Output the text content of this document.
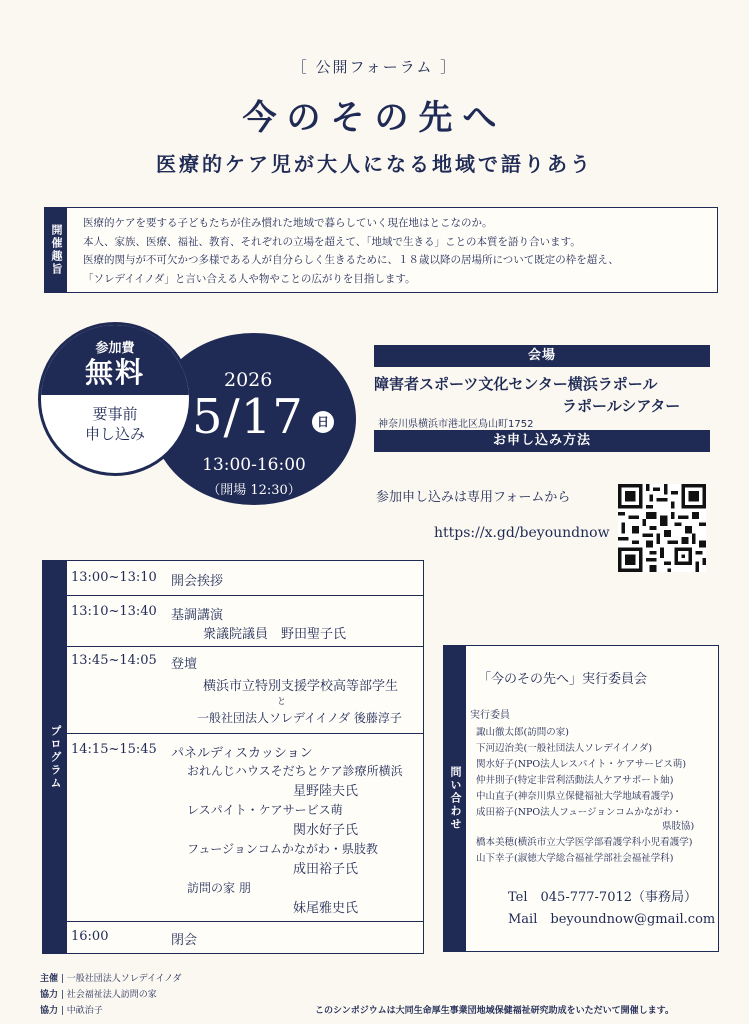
［ 公開フォーラム ］
今のその先へ
医療的ケア児が大人になる地域で語りあう
開催趣旨
医療的ケアを要する子どもたちが住み慣れた地域で暮らしていく現在地はとこなのか。
本人、家族、医療、福祉、教育、それぞれの立場を超えて、「地域で生きる」ことの本質を語り合います。
医療的関与が不可欠かつ多様である人が自分らしく生きるために、１８歳以降の居場所について既定の枠を超え、
「ソレデイイノダ」と言い合える人や物やことの広がりを目指します。
2026
5/17	日
13:00-16:00
（開場 12:30）
参加費
無料
要事前
申し込み
会場
障害者スポーツ文化センター横浜ラポール
ラポールシアター
神奈川県横浜市港北区鳥山町1752
お申し込み方法
参加申し込みは専用フォームから
https://x.gd/beyoundnow
プログラム
13:00~13:10 開会挨拶
13:10~13:40 基調講演
衆議院議員　野田聖子氏
13:45~14:05 登壇
横浜市立特別支援学校高等部学生
と
一般社団法人ソレデイイノダ 後藤淳子
14:15~15:45 パネルディスカッション
おれんじハウスそだちとケア診療所横浜
星野陸夫氏
レスパイト・ケアサービス萌
関水好子氏
フュージョンコムかながわ・県肢教
成田裕子氏
訪問の家 朋
妹尾雅史氏
16:00	閉会
問い合わせ
「今のその先へ」実行委員会
実行委員
諏山徹太郎(訪問の家)
下河辺治美(一般社団法人ソレデイイノダ)
関水好子(NPO法人レスパイト・ケアサービス萌)
仲井則子(特定非営利活動法人ケアサポート紬)
中山直子(神奈川県立保健福祉大学地域看護学)
成田裕子(NPO法人フュージョンコムかながわ・
県肢協)
橋本美穂(横浜市立大学医学部看護学科小児看護学)
山下幸子(淑徳大学総合福祉学部社会福祉学科)
Tel　045-777-7012（事務局）
Mail　beyoundnow@gmail.com
主催 | 一般社団法人ソレデイイノダ
協力 | 社会福祉法人訪問の家
協力 | 中畝治子	このシンポジウムは大同生命厚生事業団地域保健福祉研究助成をいただいて開催します。
